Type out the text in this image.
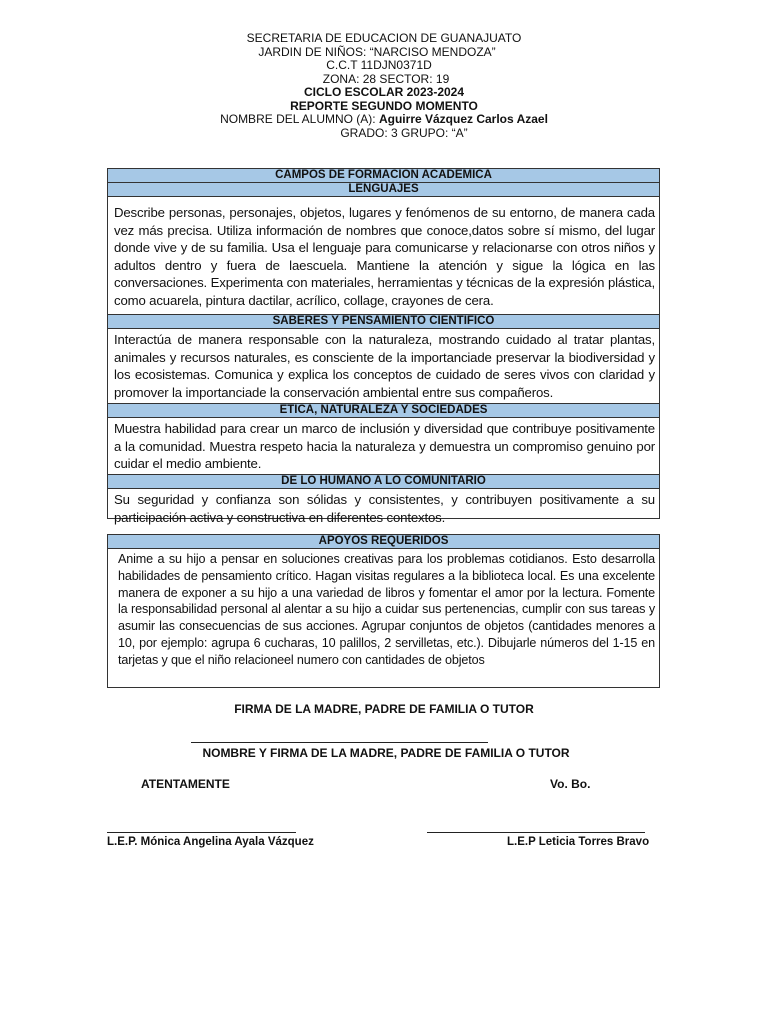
SECRETARIA DE EDUCACION DE GUANAJUATO
JARDIN DE NIÑOS: “NARCISO MENDOZA”
C.C.T 11DJN0371D
ZONA: 28 SECTOR: 19
CICLO ESCOLAR 2023-2024
REPORTE SEGUNDO MOMENTO
NOMBRE DEL ALUMNO (A): Aguirre Vázquez Carlos Azael
GRADO: 3 GRUPO: “A”
CAMPOS DE FORMACION ACADEMICA
LENGUAJES
Describe personas, personajes, objetos, lugares y fenómenos de su entorno, de manera cada vez más precisa. Utiliza información de nombres que conoce,datos sobre sí mismo, del lugar donde vive y de su familia. Usa el lenguaje para comunicarse y relacionarse con otros niños y adultos dentro y fuera de laescuela. Mantiene la atención y sigue la lógica en las conversaciones. Experimenta con materiales, herramientas y técnicas de la expresión plástica, como acuarela, pintura dactilar, acrílico, collage, crayones de cera.
SABERES Y PENSAMIENTO CIENTIFICO
Interactúa de manera responsable con la naturaleza, mostrando cuidado al tratar plantas, animales y recursos naturales, es consciente de la importanciade preservar la biodiversidad y los ecosistemas. Comunica y explica los conceptos de cuidado de seres vivos con claridad y promover la importanciade la conservación ambiental entre sus compañeros.
ETICA, NATURALEZA Y SOCIEDADES
Muestra habilidad para crear un marco de inclusión y diversidad que contribuye positivamente a la comunidad. Muestra respeto hacia la naturaleza y demuestra un compromiso genuino por cuidar el medio ambiente.
DE LO HUMANO A LO COMUNITARIO
Su seguridad y confianza son sólidas y consistentes, y contribuyen positivamente a su participación activa y constructiva en diferentes contextos.
APOYOS REQUERIDOS
Anime a su hijo a pensar en soluciones creativas para los problemas cotidianos. Esto desarrolla habilidades de pensamiento crítico. Hagan visitas regulares a la biblioteca local. Es una excelente manera de exponer a su hijo a una variedad de libros y fomentar el amor por la lectura. Fomente la responsabilidad personal al alentar a su hijo a cuidar sus pertenencias, cumplir con sus tareas y asumir las consecuencias de sus acciones. Agrupar conjuntos de objetos (cantidades menores a 10, por ejemplo: agrupa 6 cucharas, 10 palillos, 2 servilletas, etc.). Dibujarle números del 1-15 en tarjetas y que el niño relacioneel numero con cantidades de objetos
FIRMA DE LA MADRE, PADRE DE FAMILIA O TUTOR
NOMBRE Y FIRMA DE LA MADRE, PADRE DE FAMILIA O TUTOR
ATENTAMENTE	Vo. Bo.
L.E.P. Mónica Angelina Ayala Vázquez	L.E.P Leticia Torres Bravo
